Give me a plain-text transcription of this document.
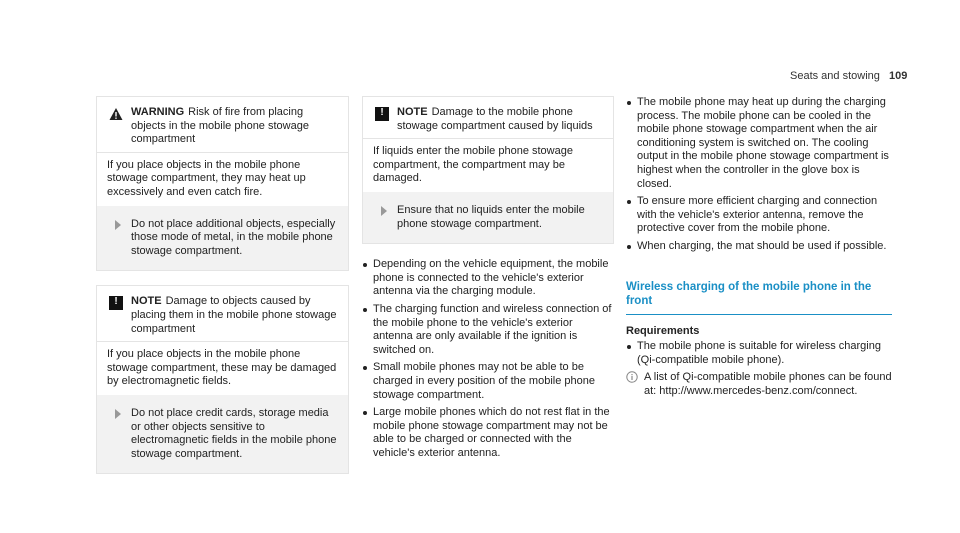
Seats and stowing 109
WARNING Risk of fire from placing objects in the mobile phone stowage compartment

If you place objects in the mobile phone stowage compartment, they may heat up excessively and even catch fire.

Do not place additional objects, especially those mode of metal, in the mobile phone stowage compartment.
!	NOTE Damage to objects caused by placing them in the mobile phone stowage compartment

If you place objects in the mobile phone stowage compartment, these may be damaged by electromagnetic fields.

Do not place credit cards, storage media or other objects sensitive to electromagnetic fields in the mobile phone stowage compartment.
!	NOTE Damage to the mobile phone stowage compartment caused by liquids

If liquids enter the mobile phone stowage compartment, the compartment may be damaged.

Ensure that no liquids enter the mobile phone stowage compartment.
Depending on the vehicle equipment, the mobile phone is connected to the vehicle's exterior antenna via the charging module.
The charging function and wireless connection of the mobile phone to the vehicle's exterior antenna are only available if the ignition is switched on.
Small mobile phones may not be able to be charged in every position of the mobile phone stowage compartment.
Large mobile phones which do not rest flat in the mobile phone stowage compartment may not be able to be charged or connected with the vehicle's exterior antenna.
The mobile phone may heat up during the charging process. The mobile phone can be cooled in the mobile phone stowage compartment when the air conditioning system is switched on. The cooling output in the mobile phone stowage compartment is highest when the controller in the glove box is closed.
To ensure more efficient charging and connection with the vehicle's exterior antenna, remove the protective cover from the mobile phone.
When charging, the mat should be used if possible.
Wireless charging of the mobile phone in the front
Requirements
The mobile phone is suitable for wireless charging (Qi-compatible mobile phone).
A list of Qi-compatible mobile phones can be found at: http://www.mercedes-benz.com/connect.
